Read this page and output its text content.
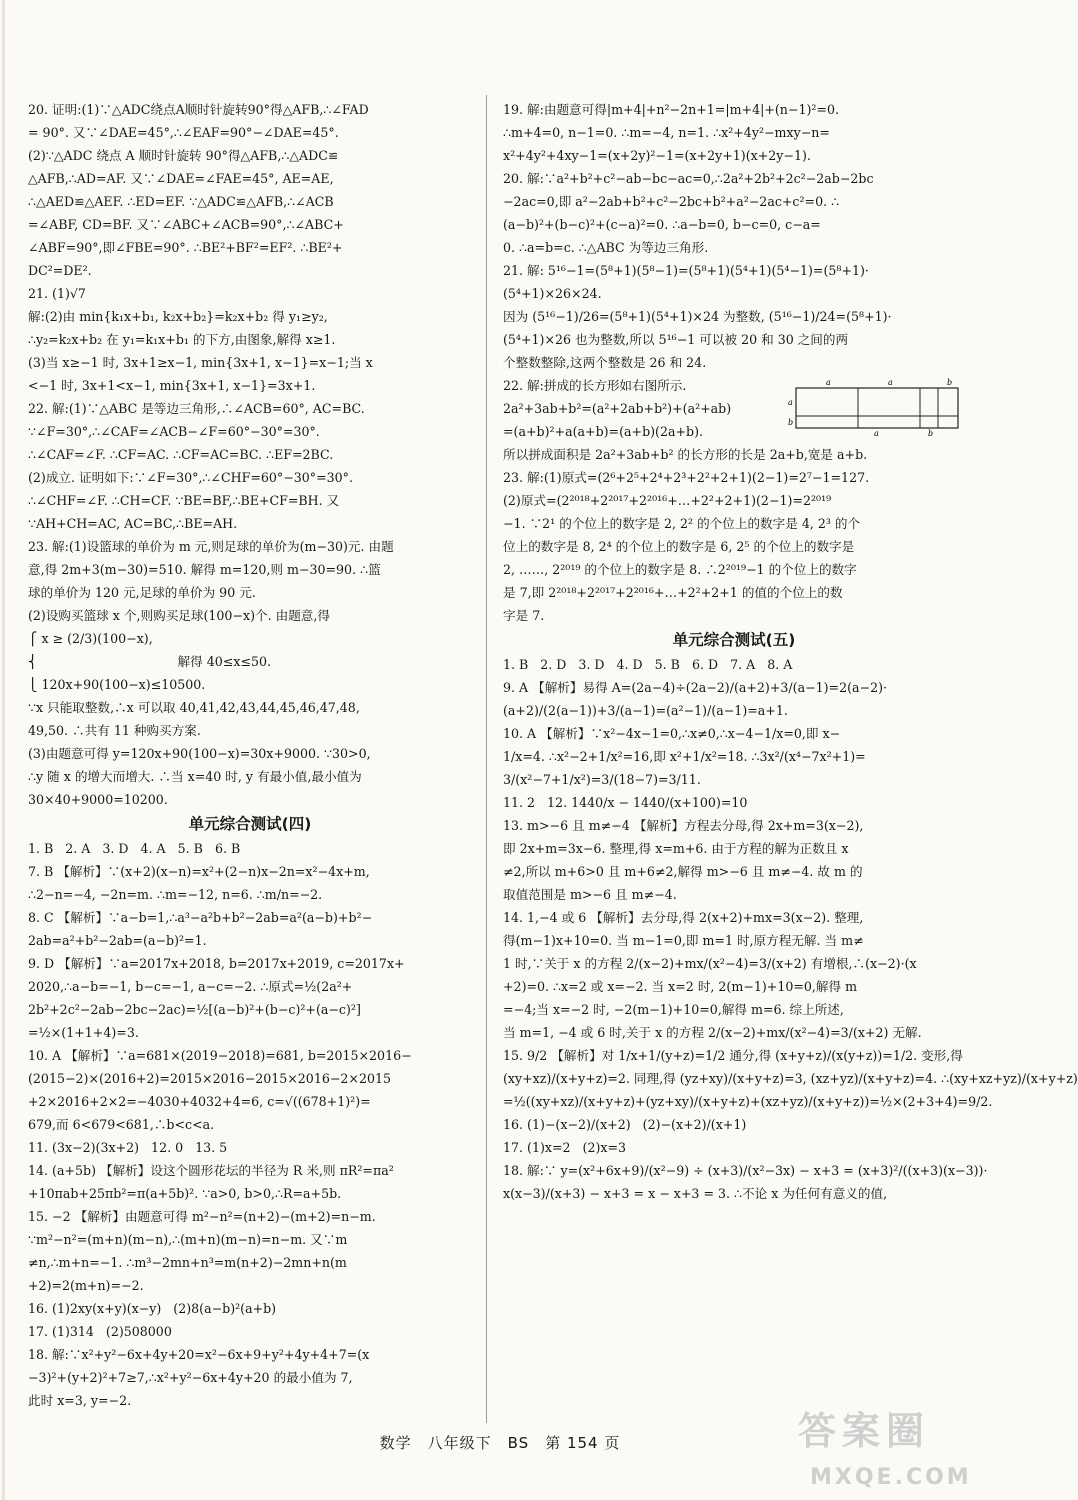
20. 证明:(1)∵△ADC绕点A顺时针旋转90°得△AFB,∴∠FAD
= 90°. 又∵∠DAE=45°,∴∠EAF=90°−∠DAE=45°.
(2)∵△ADC 绕点 A 顺时针旋转 90°得△AFB,∴△ADC≌
△AFB,∴AD=AF. 又∵∠DAE=∠FAE=45°, AE=AE,
∴△AED≌△AEF. ∴ED=EF. ∵△ADC≌△AFB,∴∠ACB
=∠ABF, CD=BF. 又∵∠ABC+∠ACB=90°,∴∠ABC+
∠ABF=90°,即∠FBE=90°. ∴BE²+BF²=EF². ∴BE²+
DC²=DE².
21. (1)√7
解:(2)由 min{k₁x+b₁, k₂x+b₂}=k₂x+b₂ 得 y₁≥y₂,
∴y₂=k₂x+b₂ 在 y₁=k₁x+b₁ 的下方,由图象,解得 x≥1.
(3)当 x≥−1 时, 3x+1≥x−1, min{3x+1, x−1}=x−1;当 x
<−1 时, 3x+1<x−1, min{3x+1, x−1}=3x+1.
22. 解:(1)∵△ABC 是等边三角形,∴∠ACB=60°, AC=BC.
∵∠F=30°,∴∠CAF=∠ACB−∠F=60°−30°=30°.
∴∠CAF=∠F. ∴CF=AC. ∴CF=AC=BC. ∴EF=2BC.
(2)成立. 证明如下:∵∠F=30°,∴∠CHF=60°−30°=30°.
∴∠CHF=∠F. ∴CH=CF. ∵BE=BF,∴BE+CF=BH. 又
∵AH+CH=AC, AC=BC,∴BE=AH.
23. 解:(1)设篮球的单价为 m 元,则足球的单价为(m−30)元. 由题
意,得 2m+3(m−30)=510. 解得 m=120,则 m−30=90. ∴篮
球的单价为 120 元,足球的单价为 90 元.
(2)设购买篮球 x 个,则购买足球(100−x)个. 由题意,得
⎧ x ≥ (2/3)(100−x),
⎨                                   解得 40≤x≤50.
⎩ 120x+90(100−x)≤10500.
∵x 只能取整数,∴x 可以取 40,41,42,43,44,45,46,47,48,
49,50. ∴共有 11 种购买方案.
(3)由题意可得 y=120x+90(100−x)=30x+9000. ∵30>0,
∴y 随 x 的增大而增大. ∴当 x=40 时, y 有最小值,最小值为
30×40+9000=10200.
单元综合测试(四)
1. B   2. A   3. D   4. A   5. B   6. B
7. B 【解析】∵(x+2)(x−n)=x²+(2−n)x−2n=x²−4x+m,
∴2−n=−4, −2n=m. ∴m=−12, n=6. ∴m/n=−2.
8. C 【解析】∵a−b=1,∴a³−a²b+b²−2ab=a²(a−b)+b²−
2ab=a²+b²−2ab=(a−b)²=1.
9. D 【解析】∵a=2017x+2018, b=2017x+2019, c=2017x+
2020,∴a−b=−1, b−c=−1, a−c=−2. ∴原式=½(2a²+
2b²+2c²−2ab−2bc−2ac)=½[(a−b)²+(b−c)²+(a−c)²]
=½×(1+1+4)=3.
10. A 【解析】∵a=681×(2019−2018)=681, b=2015×2016−
(2015−2)×(2016+2)=2015×2016−2015×2016−2×2015
+2×2016+2×2=−4030+4032+4=6, c=√((678+1)²)=
679,而 6<679<681,∴b<c<a.
11. (3x−2)(3x+2)   12. 0   13. 5
14. (a+5b) 【解析】设这个圆形花坛的半径为 R 米,则 πR²=πa²
+10πab+25πb²=π(a+5b)². ∵a>0, b>0,∴R=a+5b.
15. −2 【解析】由题意可得 m²−n²=(n+2)−(m+2)=n−m.
∵m²−n²=(m+n)(m−n),∴(m+n)(m−n)=n−m. 又∵m
≠n,∴m+n=−1. ∴m³−2mn+n³=m(n+2)−2mn+n(m
+2)=2(m+n)=−2.
16. (1)2xy(x+y)(x−y)   (2)8(a−b)²(a+b)
17. (1)314   (2)508000
18. 解:∵x²+y²−6x+4y+20=x²−6x+9+y²+4y+4+7=(x
−3)²+(y+2)²+7≥7,∴x²+y²−6x+4y+20 的最小值为 7,
此时 x=3, y=−2.
19. 解:由题意可得|m+4|+n²−2n+1=|m+4|+(n−1)²=0.
∴m+4=0, n−1=0. ∴m=−4, n=1. ∴x²+4y²−mxy−n=
x²+4y²+4xy−1=(x+2y)²−1=(x+2y+1)(x+2y−1).
20. 解:∵a²+b²+c²−ab−bc−ac=0,∴2a²+2b²+2c²−2ab−2bc
−2ac=0,即 a²−2ab+b²+c²−2bc+b²+a²−2ac+c²=0. ∴
(a−b)²+(b−c)²+(c−a)²=0. ∴a−b=0, b−c=0, c−a=
0. ∴a=b=c. ∴△ABC 为等边三角形.
21. 解: 5¹⁶−1=(5⁸+1)(5⁸−1)=(5⁸+1)(5⁴+1)(5⁴−1)=(5⁸+1)·
(5⁴+1)×26×24.
因为 (5¹⁶−1)/26=(5⁸+1)(5⁴+1)×24 为整数, (5¹⁶−1)/24=(5⁸+1)·
(5⁴+1)×26 也为整数,所以 5¹⁶−1 可以被 20 和 30 之间的两
个整数整除,这两个整数是 26 和 24.
22. 解:拼成的长方形如右图所示.
2a²+3ab+b²=(a²+2ab+b²)+(a²+ab)
=(a+b)²+a(a+b)=(a+b)(2a+b).
所以拼成面积是 2a²+3ab+b² 的长方形的长是 2a+b,宽是 a+b.
23. 解:(1)原式=(2⁶+2⁵+2⁴+2³+2²+2+1)(2−1)=2⁷−1=127.
(2)原式=(2²⁰¹⁸+2²⁰¹⁷+2²⁰¹⁶+…+2²+2+1)(2−1)=2²⁰¹⁹
−1. ∵2¹ 的个位上的数字是 2, 2² 的个位上的数字是 4, 2³ 的个
位上的数字是 8, 2⁴ 的个位上的数字是 6, 2⁵ 的个位上的数字是
2, ……, 2²⁰¹⁹ 的个位上的数字是 8. ∴2²⁰¹⁹−1 的个位上的数字
是 7,即 2²⁰¹⁸+2²⁰¹⁷+2²⁰¹⁶+…+2²+2+1 的值的个位上的数
字是 7.
单元综合测试(五)
1. B   2. D   3. D   4. D   5. B   6. D   7. A   8. A
9. A 【解析】易得 A=(2a−4)÷(2a−2)/(a+2)+3/(a−1)=2(a−2)·
(a+2)/(2(a−1))+3/(a−1)=(a²−1)/(a−1)=a+1.
10. A 【解析】∵x²−4x−1=0,∴x≠0,∴x−4−1/x=0,即 x−
1/x=4. ∴x²−2+1/x²=16,即 x²+1/x²=18. ∴3x²/(x⁴−7x²+1)=
3/(x²−7+1/x²)=3/(18−7)=3/11.
11. 2   12. 1440/x − 1440/(x+100)=10
13. m>−6 且 m≠−4 【解析】方程去分母,得 2x+m=3(x−2),
即 2x+m=3x−6. 整理,得 x=m+6. 由于方程的解为正数且 x
≠2,所以 m+6>0 且 m+6≠2,解得 m>−6 且 m≠−4. 故 m 的
取值范围是 m>−6 且 m≠−4.
14. 1,−4 或 6 【解析】去分母,得 2(x+2)+mx=3(x−2). 整理,
得(m−1)x+10=0. 当 m−1=0,即 m=1 时,原方程无解. 当 m≠
1 时,∵关于 x 的方程 2/(x−2)+mx/(x²−4)=3/(x+2) 有增根,∴(x−2)·(x
+2)=0. ∴x=2 或 x=−2. 当 x=2 时, 2(m−1)+10=0,解得 m
=−4;当 x=−2 时, −2(m−1)+10=0,解得 m=6. 综上所述,
当 m=1, −4 或 6 时,关于 x 的方程 2/(x−2)+mx/(x²−4)=3/(x+2) 无解.
15. 9/2 【解析】对 1/x+1/(y+z)=1/2 通分,得 (x+y+z)/(x(y+z))=1/2. 变形,得
(xy+xz)/(x+y+z)=2. 同理,得 (yz+xy)/(x+y+z)=3, (xz+yz)/(x+y+z)=4. ∴(xy+xz+yz)/(x+y+z)
=½((xy+xz)/(x+y+z)+(yz+xy)/(x+y+z)+(xz+yz)/(x+y+z))=½×(2+3+4)=9/2.
16. (1)−(x−2)/(x+2)   (2)−(x+2)/(x+1)
17. (1)x=2   (2)x=3
18. 解:∵ y=(x²+6x+9)/(x²−9) ÷ (x+3)/(x²−3x) − x+3 = (x+3)²/((x+3)(x−3))·
x(x−3)/(x+3) − x+3 = x − x+3 = 3. ∴不论 x 为任何有意义的值,
a	a	b
a
b
a	b
数学　八年级下　BS　第 154 页	答案圈
MXQE.COM
